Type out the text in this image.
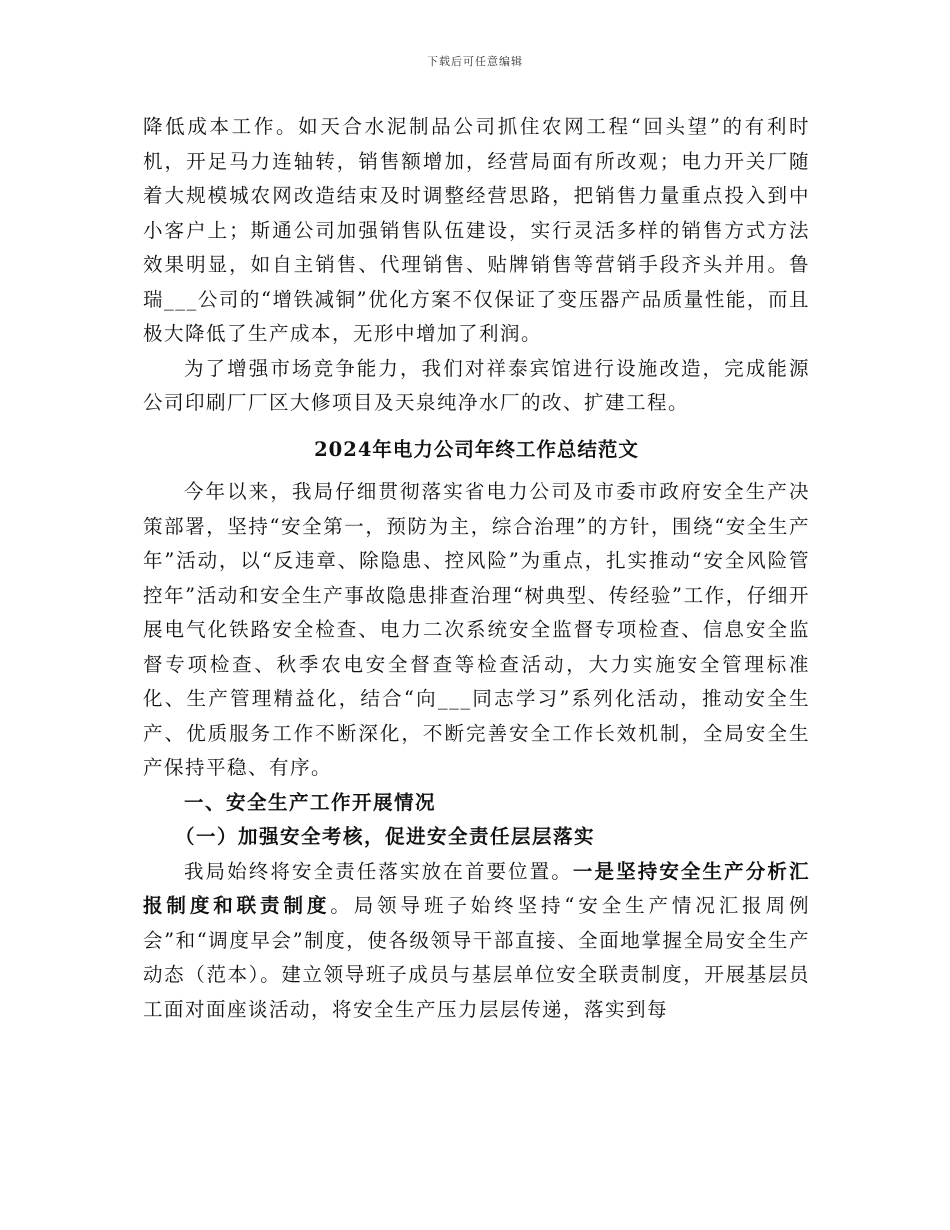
下载后可任意编辑

降低成本工作。如天合水泥制品公司抓住农网工程“回头望”的有利时机，开足马力连轴转，销售额增加，经营局面有所改观；电力开关厂随着大规模城农网改造结束及时调整经营思路，把销售力量重点投入到中小客户上；斯通公司加强销售队伍建设，实行灵活多样的销售方式方法效果明显，如自主销售、代理销售、贴牌销售等营销手段齐头并用。鲁瑞___公司的“增铁减铜”优化方案不仅保证了变压器产品质量性能，而且极大降低了生产成本，无形中增加了利润。

为了增强市场竞争能力，我们对祥泰宾馆进行设施改造，完成能源公司印刷厂厂区大修项目及天泉纯净水厂的改、扩建工程。

2024年电力公司年终工作总结范文

今年以来，我局仔细贯彻落实省电力公司及市委市政府安全生产决策部署，坚持“安全第一，预防为主，综合治理”的方针，围绕“安全生产年”活动，以“反违章、除隐患、控风险”为重点，扎实推动“安全风险管控年”活动和安全生产事故隐患排查治理“树典型、传经验”工作，仔细开展电气化铁路安全检查、电力二次系统安全监督专项检查、信息安全监督专项检查、秋季农电安全督查等检查活动，大力实施安全管理标准化、生产管理精益化，结合“向___同志学习”系列化活动，推动安全生产、优质服务工作不断深化，不断完善安全工作长效机制，全局安全生产保持平稳、有序。

一、安全生产工作开展情况

（一）加强安全考核，促进安全责任层层落实

我局始终将安全责任落实放在首要位置。一是坚持安全生产分析汇报制度和联责制度。局领导班子始终坚持“安全生产情况汇报周例会”和“调度早会”制度，使各级领导干部直接、全面地掌握全局安全生产动态（范本）。建立领导班子成员与基层单位安全联责制度，开展基层员工面对面座谈活动，将安全生产压力层层传递，落实到每
